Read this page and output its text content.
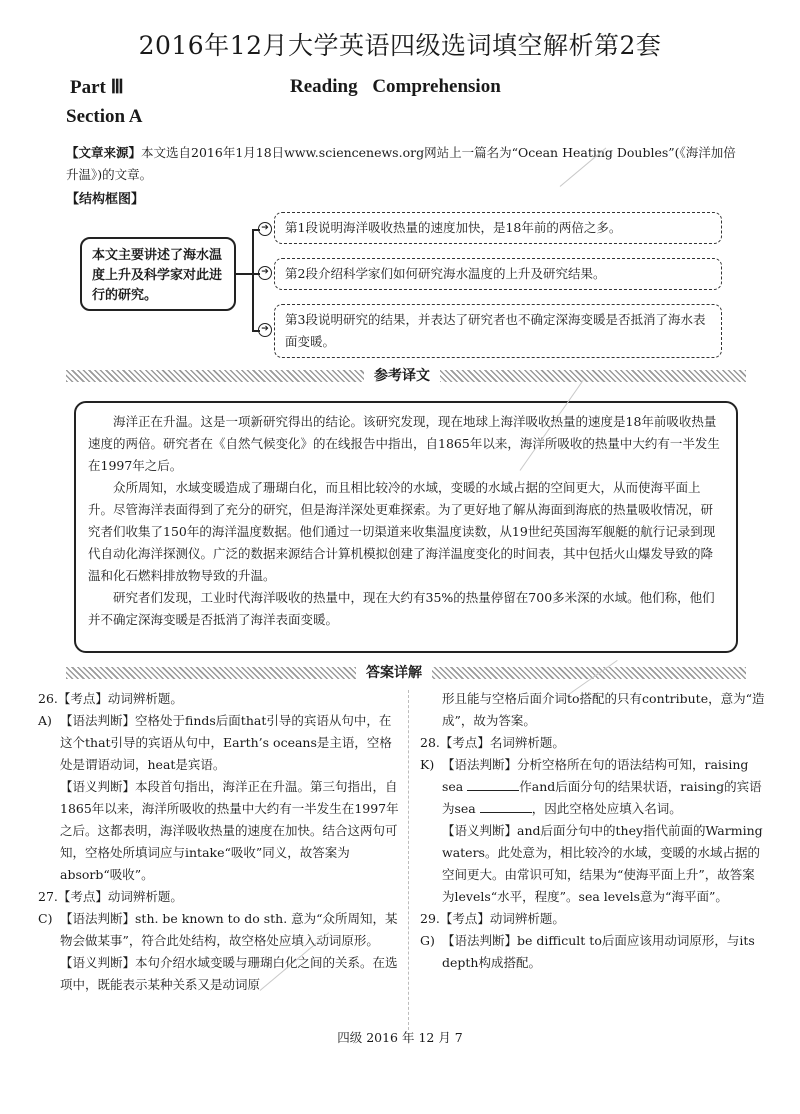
2016年12月大学英语四级选词填空解析第2套
Part Ⅲ	Reading Comprehension
Section A
【文章来源】本文选自2016年1月18日www.sciencenews.org网站上一篇名为“Ocean Heating Doubles”(《海洋加倍升温》)的文章。
【结构框图】
本文主要讲述了海水温度上升及科学家对此进行的研究。
➔
➔
➔
第1段说明海洋吸收热量的速度加快，是18年前的两倍之多。
第2段介绍科学家们如何研究海水温度的上升及研究结果。
第3段说明研究的结果，并表达了研究者也不确定深海变暖是否抵消了海水表面变暖。
参考译文

海洋正在升温。这是一项新研究得出的结论。该研究发现，现在地球上海洋吸收热量的速度是18年前吸收热量速度的两倍。研究者在《自然气候变化》的在线报告中指出，自1865年以来，海洋所吸收的热量中大约有一半发生在1997年之后。

众所周知，水域变暖造成了珊瑚白化，而且相比较冷的水域，变暖的水域占据的空间更大，从而使海平面上升。尽管海洋表面得到了充分的研究，但是海洋深处更难探索。为了更好地了解从海面到海底的热量吸收情况，研究者们收集了150年的海洋温度数据。他们通过一切渠道来收集温度读数，从19世纪英国海军舰艇的航行记录到现代自动化海洋探测仪。广泛的数据来源结合计算机模拟创建了海洋温度变化的时间表，其中包括火山爆发导致的降温和化石燃料排放物导致的升温。

研究者们发现，工业时代海洋吸收的热量中，现在大约有35%的热量停留在700多米深的水域。他们称，他们并不确定深海变暖是否抵消了海洋表面变暖。

答案详解

26.【考点】动词辨析题。

A) 【语法判断】空格处于finds后面that引导的宾语从句中，在这个that引导的宾语从句中，Earth’s oceans是主语，空格处是谓语动词，heat是宾语。

【语义判断】本段首句指出，海洋正在升温。第三句指出，自1865年以来，海洋所吸收的热量中大约有一半发生在1997年之后。这都表明，海洋吸收热量的速度在加快。结合这两句可知，空格处所填词应与intake“吸收”同义，故答案为absorb“吸收”。

27.【考点】动词辨析题。

C) 【语法判断】sth. be known to do sth. 意为“众所周知，某物会做某事”，符合此处结构，故空格处应填入动词原形。

【语义判断】本句介绍水域变暖与珊瑚白化之间的关系。在选项中，既能表示某种关系又是动词原

形且能与空格后面介词to搭配的只有contribute，意为“造成”，故为答案。

28.【考点】名词辨析题。

K) 【语法判断】分析空格所在句的语法结构可知，raising sea	作and后面分句的结果状语，raising的宾语为sea	，因此空格处应填入名词。

【语义判断】and后面分句中的they指代前面的Warming waters。此处意为，相比较冷的水域，变暖的水域占据的空间更大。由常识可知，结果为“使海平面上升”，故答案为levels“水平，程度”。sea levels意为“海平面”。

29.【考点】动词辨析题。

G) 【语法判断】be difficult to后面应该用动词原形，与its depth构成搭配。

四级 2016 年 12 月 7
